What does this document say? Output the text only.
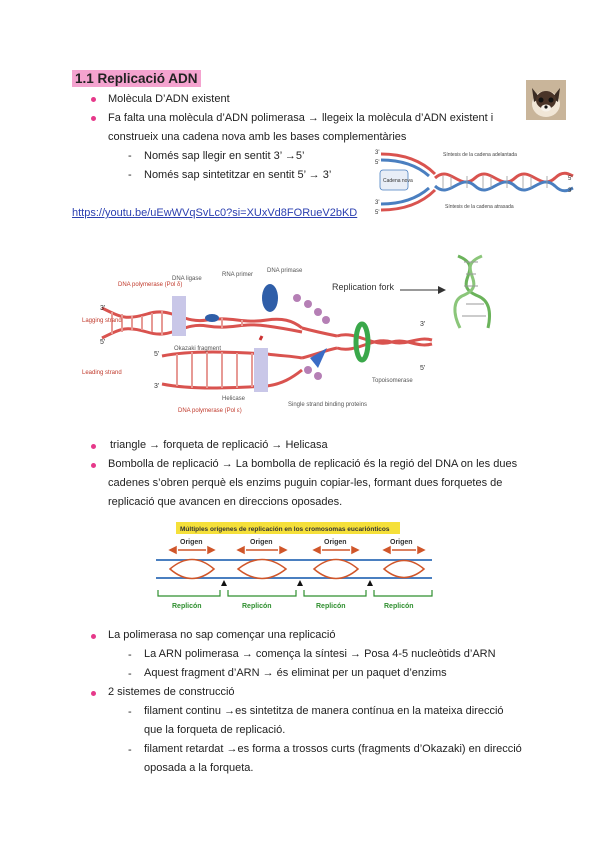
1.1 Replicació ADN
Molècula D’ADN existent
Fa falta una molècula d’ADN polimerasa → llegeix la molècula d’ADN existent i
construeix una cadena nova amb les bases complementàries
- Només sap llegir en sentit 3’ →5’
- Només sap sintetitzar en sentit 5’ → 3’
Síntesis de la cadena adelantada
Síntesis de la cadena atrasada
Cadena nova
3'
5'
3'
5'
5'
3'
https://youtu.be/uEwWVqSvLc0?si=XUxVd8FORueV2bKD
DNA polymerase (Pol δ)
DNA ligase
RNA primer
DNA primase
Okazaki fragment
Lagging strand
Leading strand
Helicase
DNA polymerase (Pol ε)
Single strand binding proteins
Topoisomerase
Replication fork
3'
5'
5'
3'
3'
5'
triangle → forqueta de replicació → Helicasa
Bombolla de replicació → La bombolla de replicació és la regió del DNA on les dues
cadenes s’obren perquè els enzims puguin copiar-les, formant dues forquetes de
replicació que avancen en direccions oposades.
Múltiples orígenes de replicación en los cromosomas eucariónticos
Origen	Origen	Origen	Origen
Replicón	Replicón	Replicón	Replicón
La polimerasa no sap començar una replicació
- La ARN polimerasa → comença la síntesi → Posa 4-5 nucleòtids d’ARN
- Aquest fragment d’ARN → és eliminat per un paquet d’enzims
2 sistemes de construcció
- filament continu →es sintetitza de manera contínua en la mateixa direcció
que la forqueta de replicació.
- filament retardat →es forma a trossos curts (fragments d’Okazaki) en direcció
oposada a la forqueta.
